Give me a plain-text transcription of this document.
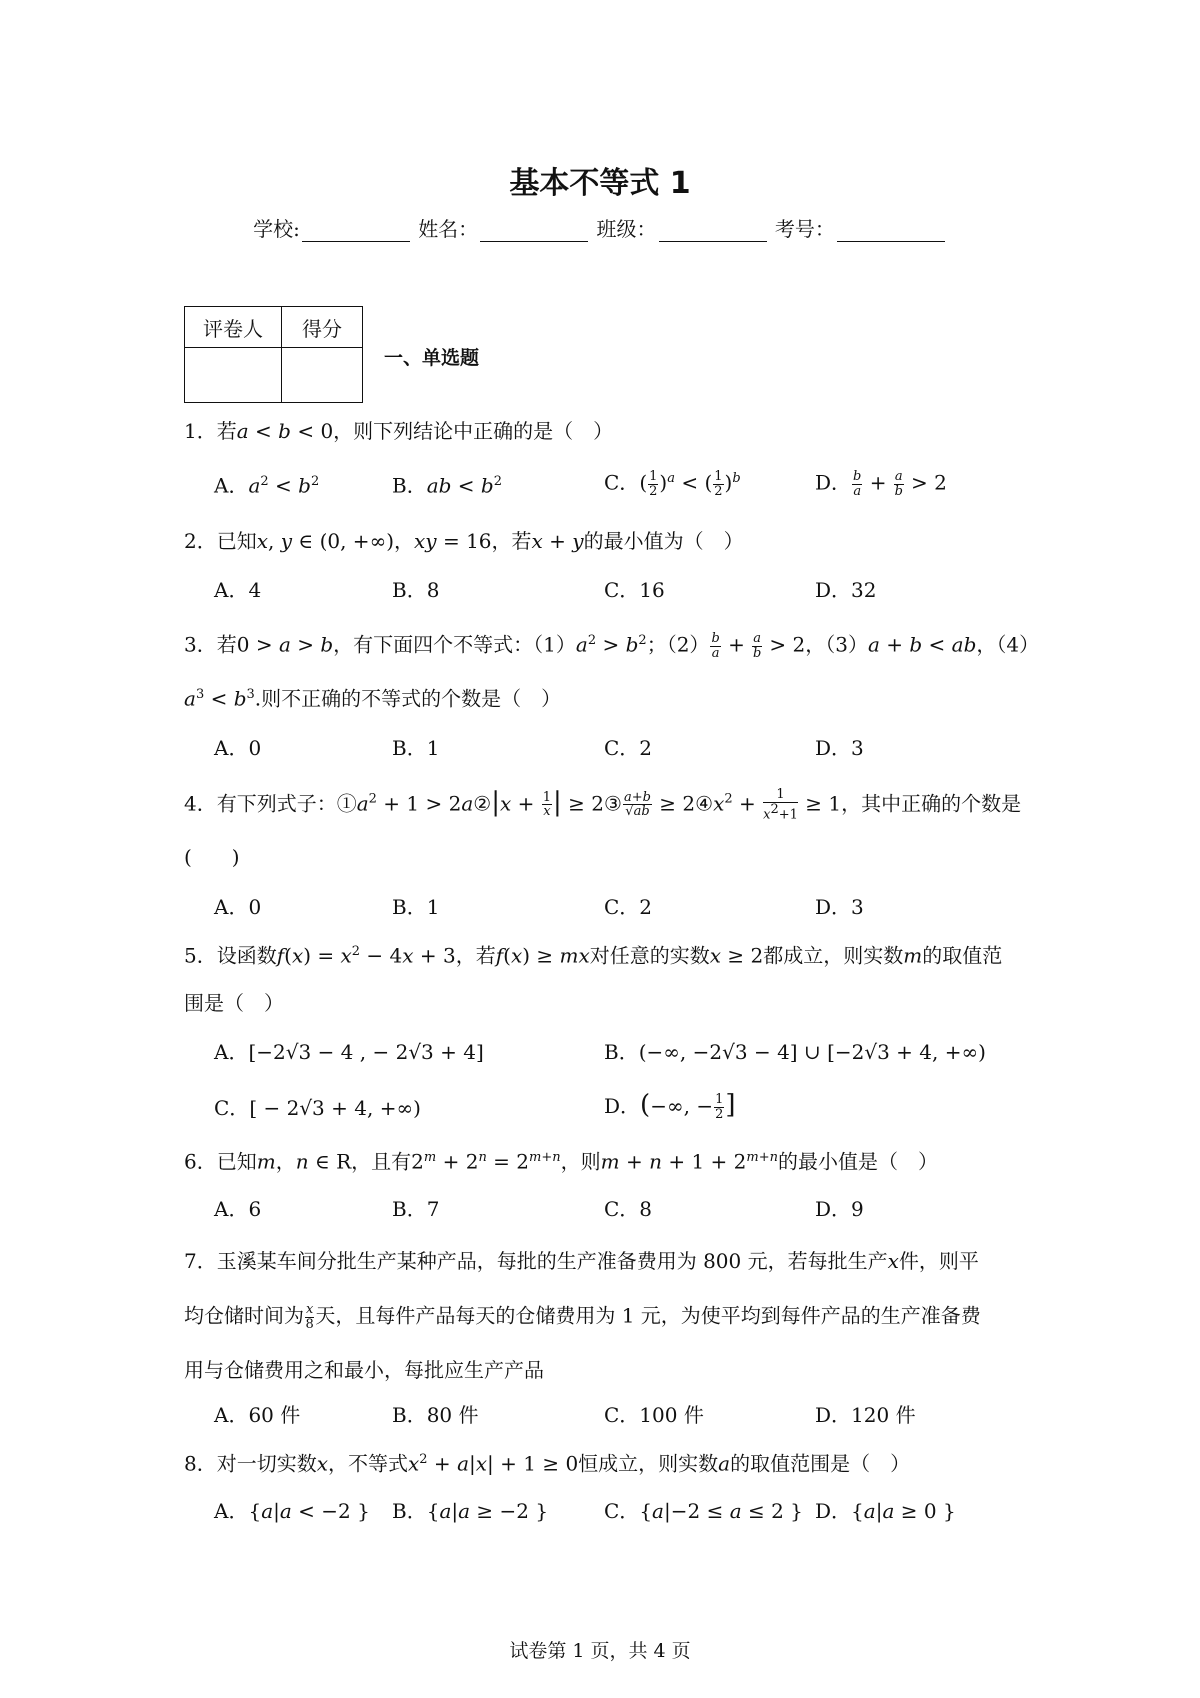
基本不等式 1
学校:	姓名：	班级：	考号：
评卷人	得分

一、单选题
1．若a < b < 0，则下列结论中正确的是（　）
A．$a^2 < b^2$	B．ab < $b^2$	C．( $\frac{1}{2} )^a$ < ( $\frac{1}{2} )^b$	D． $\frac{b}{a} + \frac{a}{b} > 2$
2．已知x, y ∈ (0, +∞)，xy = 16，若x + y的最小值为（　）
A．4	B．8	C．16	D．32
3．若0 > a > b，有下面四个不等式：$(1)a^2 > b^2$；$(2) \frac{b}{a} + \frac{a}{b} > 2$，（3）a + b < ab，（4）
$a^3 < b^3$.则不正确的不等式的个数是（　）
A．0	B．1	C．2	D．3
4．有下列式子：$①a^2 + 1$ > 2a②|x + $\frac{1}{x}$ | ≥ 2③ $\frac{a+b}{√ab}$ ≥ $2④x^2 + \frac{1}{x^2+1} \ge 1$，其中正确的个数是
(　　)
A．0	B．1	C．2	D．3
5．设函数$f(x) = x^2 - 4x + 3$，若f(x) ≥ mx对任意的实数x ≥ 2都成立，则实数m的取值范
围是（　）
A．[−2√3 − 4 , − 2√3 + 4]	B．(−∞, −2√3 − 4] ∪ [−2√3 + 4, +∞)
C．[ − 2√3 + 4, +∞)	D．(−∞, − $\frac{1}{2}$ ]
6．已知m，n ∈ R，且有$2^m + 2^n = 2^{m+n}$，则$m + n + 1 + 2^{m+n}$的最小值是（　）
A．6	B．7	C．8	D．9
7．玉溪某车间分批生产某种产品，每批的生产准备费用为 800 元，若每批生产x件，则平
均仓储时间为 $\frac{x}{8}$ 天，且每件产品每天的仓储费用为 1 元，为使平均到每件产品的生产准备费
用与仓储费用之和最小，每批应生产产品
A．60 件	B．80 件	C．100 件	D．120 件
8．对一切实数x，不等式$x^2 + a|x| + 1 \ge 0$恒成立，则实数a的取值范围是（　）
A．{a|a < −2 } B．{a|a ≥ −2 }	C．{a|−2 ≤ a ≤ 2 } D．{a|a ≥ 0 }
试卷第 1 页，共 4 页
